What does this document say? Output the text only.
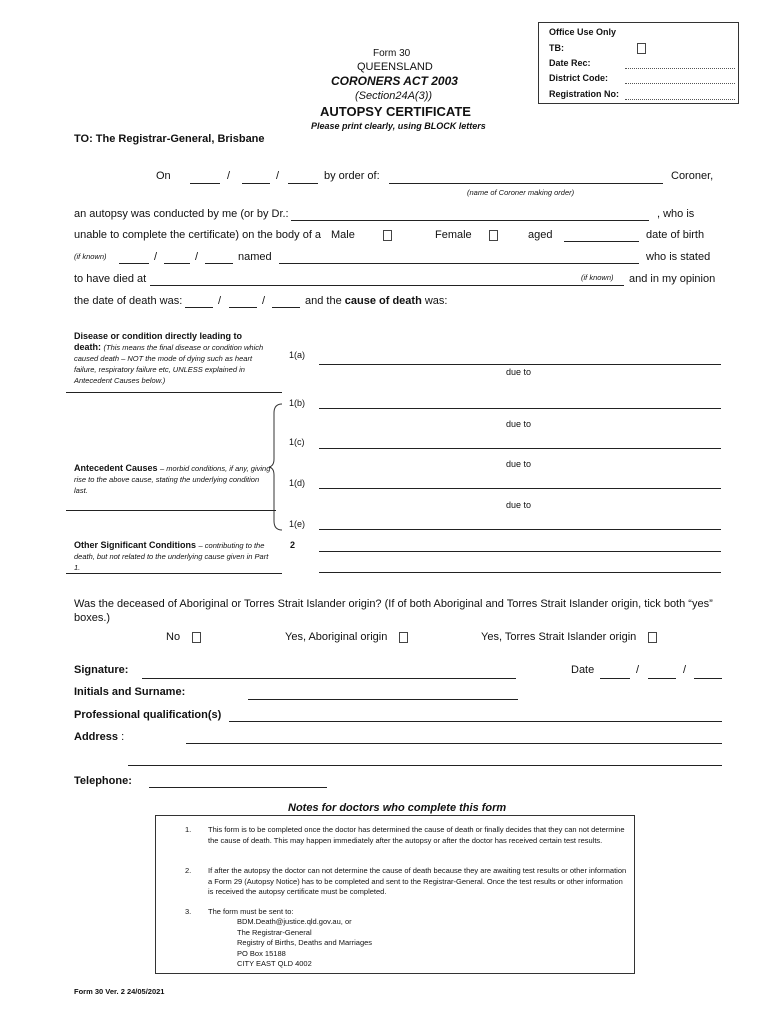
Office Use Only
TB:
Date Rec:
District Code:
Registration No:
Form 30
QUEENSLAND
CORONERS ACT 2003
(Section24A(3))
AUTOPSY CERTIFICATE
Please print clearly, using BLOCK letters
TO: The Registrar-General, Brisbane
On	/	/	by order of:	Coroner,
(name of Coroner making order)
an autopsy was conducted by me (or by Dr.:	, who is
unable to complete the certificate) on the body of a Male	Female	aged	date of birth
(if known)	/	/	named	who is stated
to have died at	(if known) and in my opinion
the date of death was:	/	/	and the cause of death was:
Disease or condition directly leading to death: (This means the final disease or condition which caused death – NOT the mode of dying such as heart failure, respiratory failure etc, UNLESS explained in Antecedent Causes below.)
1(a)
due to
1(b)
due to
1(c)
due to
1(d)
due to
1(e)
Antecedent Causes – morbid conditions, if any, giving rise to the above cause, stating the underlying condition last.
Other Significant Conditions – contributing to the death, but not related to the underlying cause given in Part 1.
2
Was the deceased of Aboriginal or Torres Strait Islander origin? (If of both Aboriginal and Torres Strait Islander origin, tick both “yes” boxes.)
No	Yes, Aboriginal origin	Yes, Torres Strait Islander origin
Signature:	Date	/	/
Initials and Surname:
Professional qualification(s)
Address :
Telephone:
Notes for doctors who complete this form
1. This form is to be completed once the doctor has determined the cause of death or finally decides that they can not determine the cause of death. This may happen immediately after the autopsy or after the doctor has received certain test results.
2. If after the autopsy the doctor can not determine the cause of death because they are awaiting test results or other information a Form 29 (Autopsy Notice) has to be completed and sent to the Registrar-General. Once the test results or other information is received the autopsy certificate must be completed.
3. The form must be sent to:
BDM.Death@justice.qld.gov.au, or
The Registrar-General
Registry of Births, Deaths and Marriages
PO Box 15188
CITY EAST QLD 4002
Form 30 Ver. 2 24/05/2021
